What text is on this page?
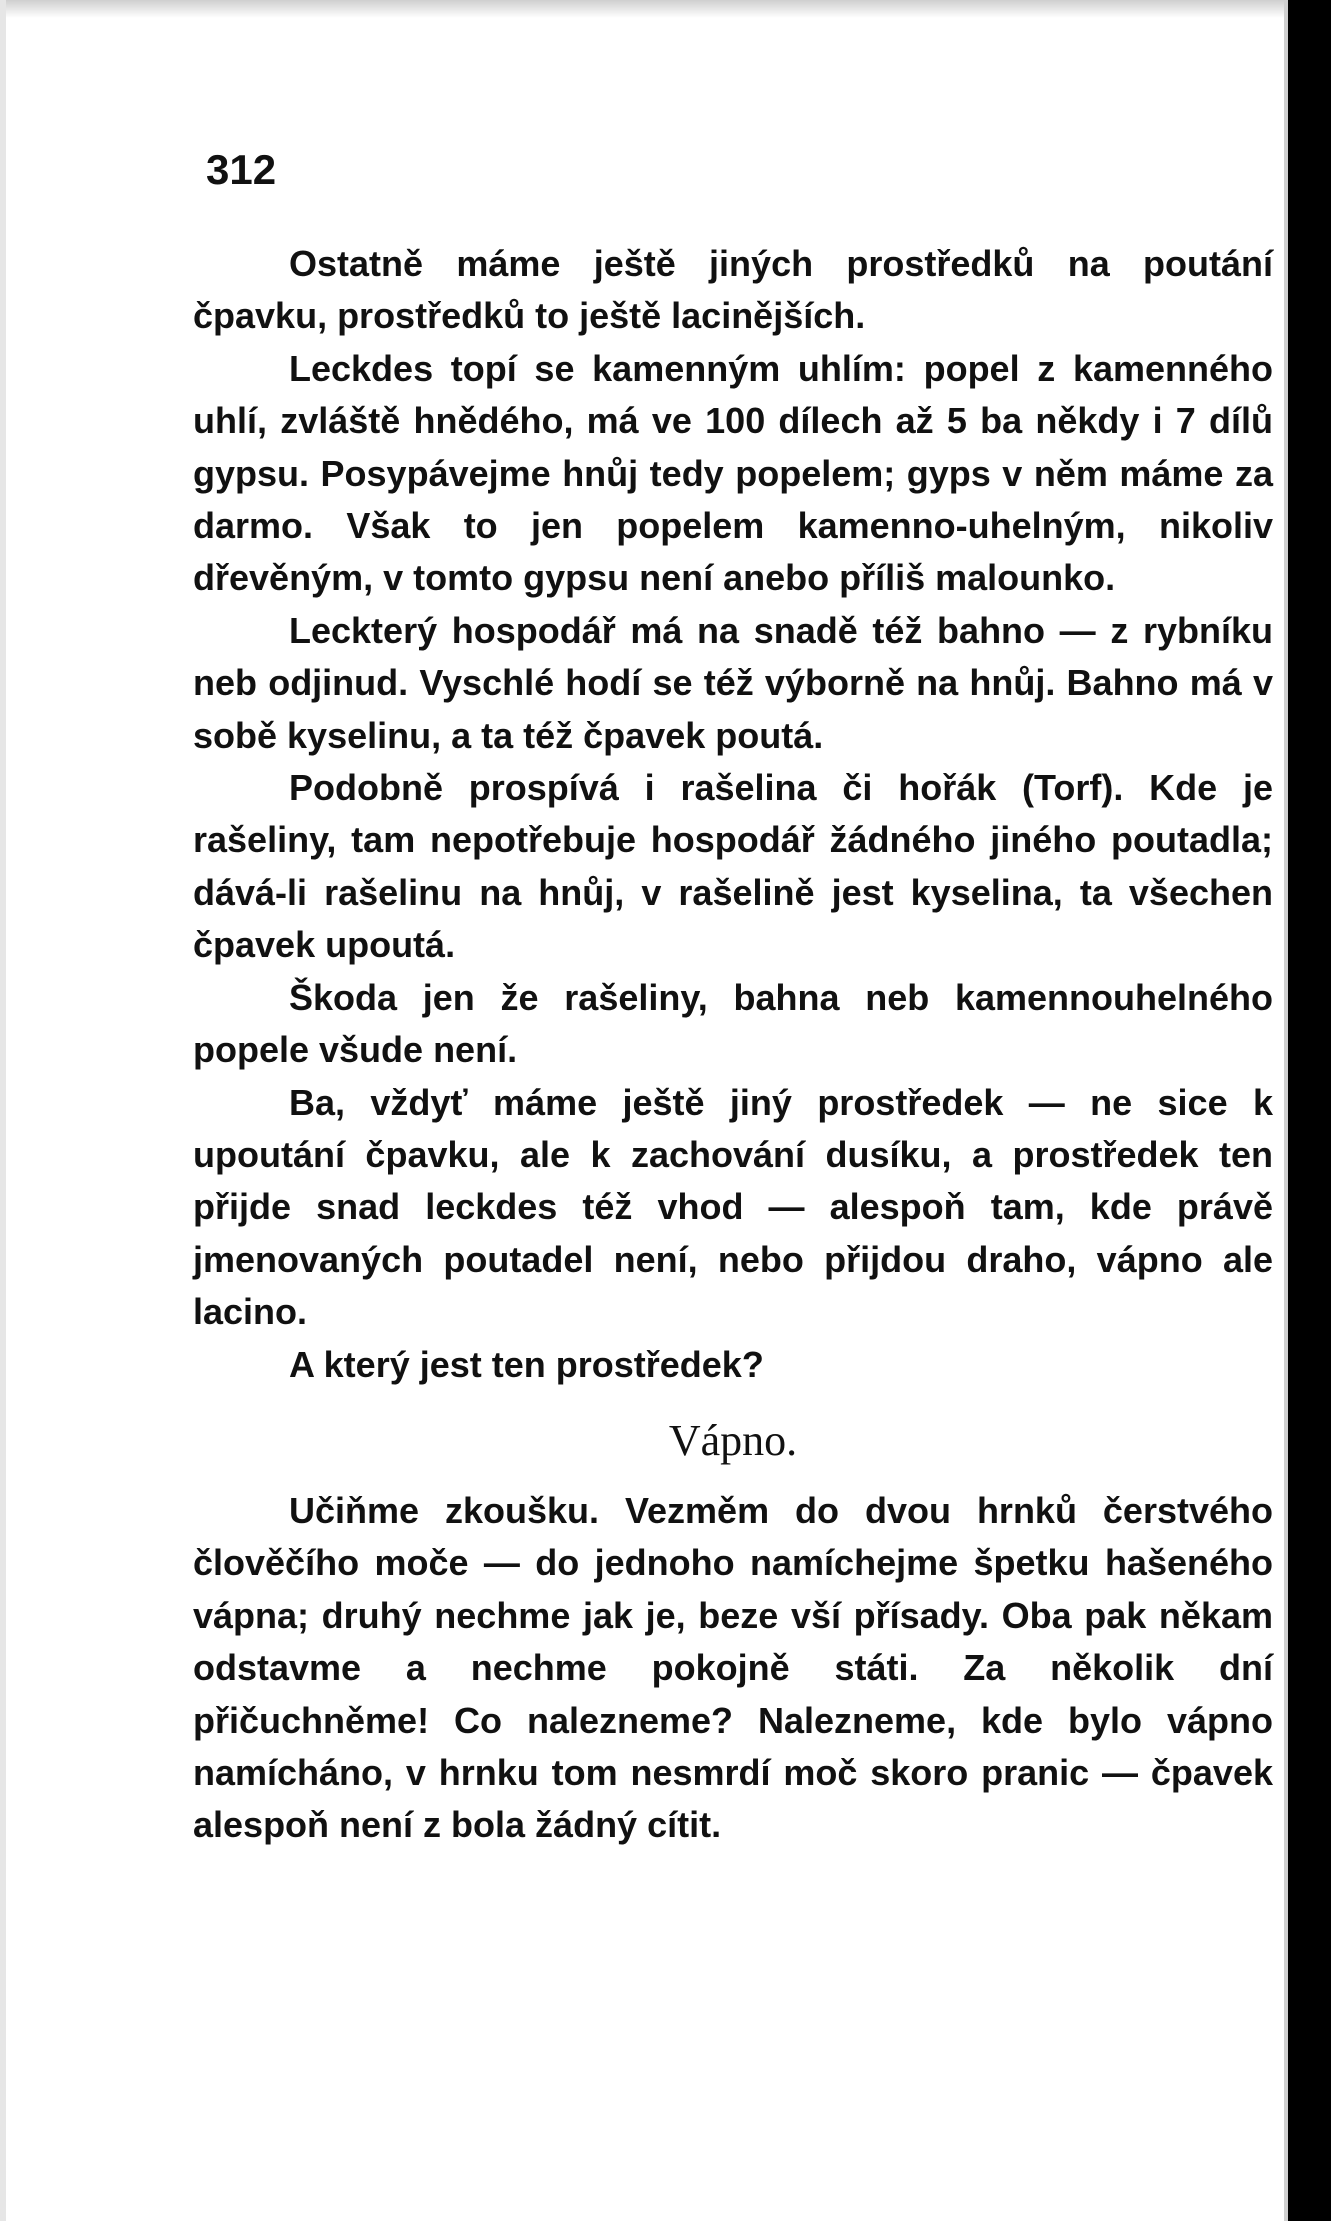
312

Ostatně máme ještě jiných prostředků na poutání čpavku, prostředků to ještě lacinějších.

Leckdes topí se kamenným uhlím: popel z kamenného uhlí, zvláště hnědého, má ve 100 dílech až 5 ba někdy i 7 dílů gypsu. Posypávejme hnůj tedy popelem; gyps v něm máme za darmo. Však to jen popelem kamenno-uhelným, nikoliv dřevěným, v tomto gypsu není anebo příliš malounko.

Leckterý hospodář má na snadě též bahno — z rybníku neb odjinud. Vyschlé hodí se též výborně na hnůj. Bahno má v sobě kyselinu, a ta též čpavek poutá.

Podobně prospívá i rašelina či hořák (Torf). Kde je rašeliny, tam nepotřebuje hospodář žádného jiného poutadla; dává-li rašelinu na hnůj, v rašelině jest kyselina, ta všechen čpavek upoutá.

Škoda jen že rašeliny, bahna neb kamennouhelného popele všude není.

Ba, vždyť máme ještě jiný prostředek — ne sice k upoutání čpavku, ale k zachování dusíku, a prostředek ten přijde snad leckdes též vhod — alespoň tam, kde právě jmenovaných poutadel není, nebo přijdou draho, vápno ale lacino.

A který jest ten prostředek?

Vápno.

Učiňme zkoušku. Vezměm do dvou hrnků čerstvého člověčího moče — do jednoho namíchejme špetku hašeného vápna; druhý nechme jak je, beze vší přísady. Oba pak někam odstavme a nechme pokojně státi. Za několik dní přičuchněme! Co nalezneme? Nalezneme, kde bylo vápno namícháno, v hrnku tom nesmrdí moč skoro pranic — čpavek alespoň není z bola žádný cítit.
